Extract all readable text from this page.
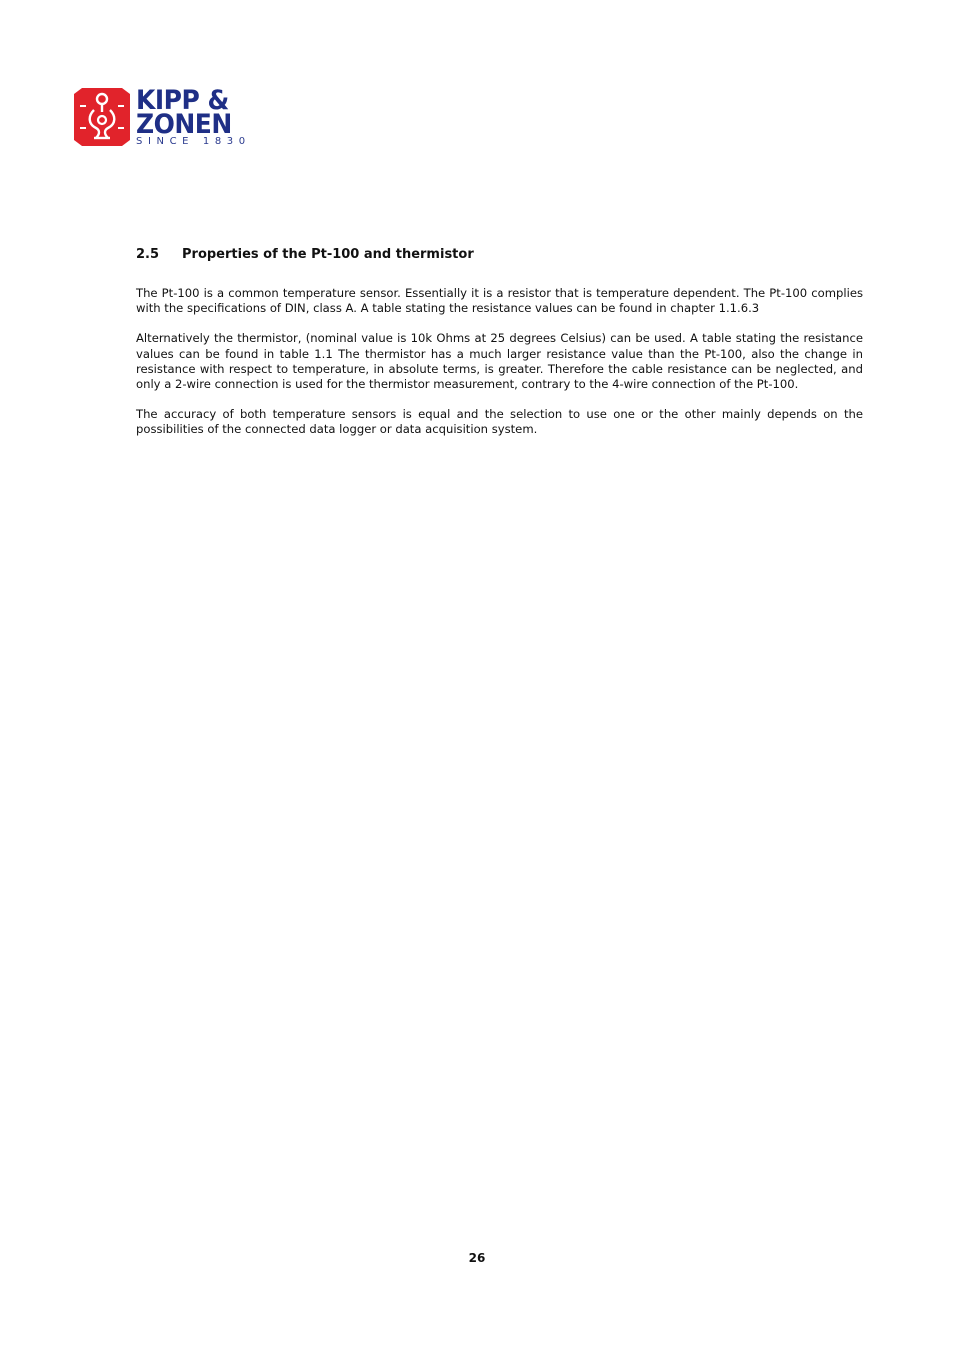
KIPP &
ZONEN
SINCE 1830
2.5 Properties of the Pt-100 and thermistor

The Pt-100 is a common temperature sensor. Essentially it is a resistor that is temperature dependent. The Pt-100 complies with the specifications of DIN, class A. A table stating the resistance values can be found in chapter 1.1.6.3

Alternatively the thermistor, (nominal value is 10k Ohms at 25 degrees Celsius) can be used. A table stating the resistance values can be found in table 1.1 The thermistor has a much larger resistance value than the Pt-100, also the change in resistance with respect to temperature, in absolute terms, is greater. Therefore the cable resistance can be neglected, and only a 2-wire connection is used for the thermistor measurement, contrary to the 4-wire connection of the Pt-100.

The accuracy of both temperature sensors is equal and the selection to use one or the other mainly depends on the possibilities of the connected data logger or data acquisition system.

26
